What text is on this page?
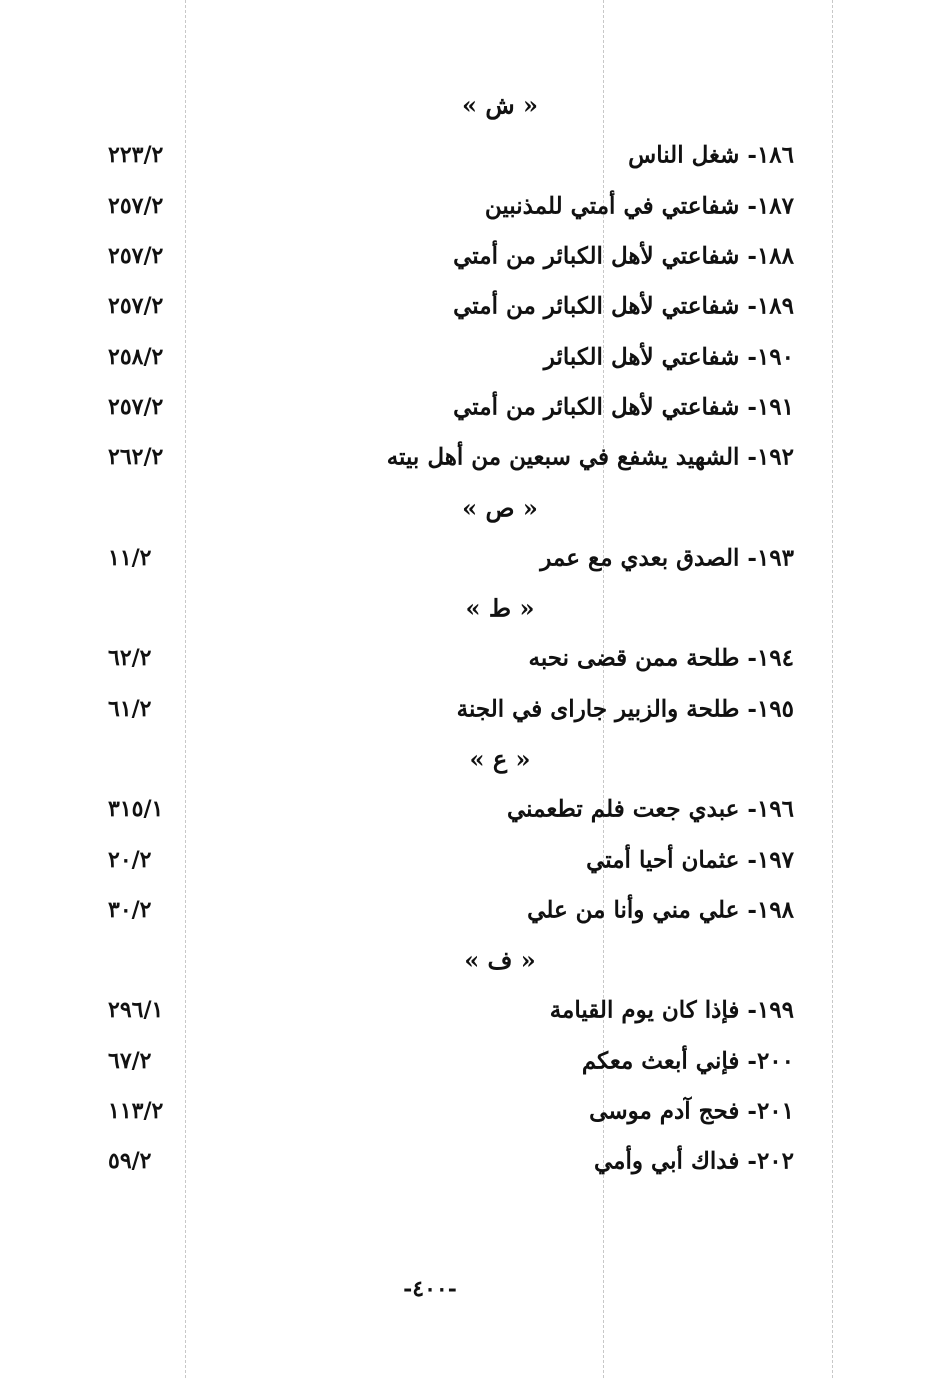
« ش »
١٨٦- شغل الناس
٢٢٣/٢
١٨٧- شفاعتي في أمتي للمذنبين
٢٥٧/٢
١٨٨- شفاعتي لأهل الكبائر من أمتي
٢٥٧/٢
١٨٩- شفاعتي لأهل الكبائر من أمتي
٢٥٧/٢
١٩٠- شفاعتي لأهل الكبائر
٢٥٨/٢
١٩١- شفاعتي لأهل الكبائر من أمتي
٢٥٧/٢
١٩٢- الشهيد يشفع في سبعين من أهل بيته
٢٦٢/٢
« ص »
١٩٣- الصدق بعدي مع عمر
١١/٢
« ط »
١٩٤- طلحة ممن قضى نحبه
٦٢/٢
١٩٥- طلحة والزبير جاراى في الجنة
٦١/٢
« ع »
١٩٦- عبدي جعت فلم تطعمني
٣١٥/١
١٩٧- عثمان أحيا أمتي
٢٠/٢
١٩٨- علي مني وأنا من علي
٣٠/٢
« ف »
١٩٩- فإذا كان يوم القيامة
٢٩٦/١
٢٠٠- فإني أبعث معكم
٦٧/٢
٢٠١- فحج آدم موسى
١١٣/٢
٢٠٢- فداك أبي وأمي
٥٩/٢
-٤٠٠-
